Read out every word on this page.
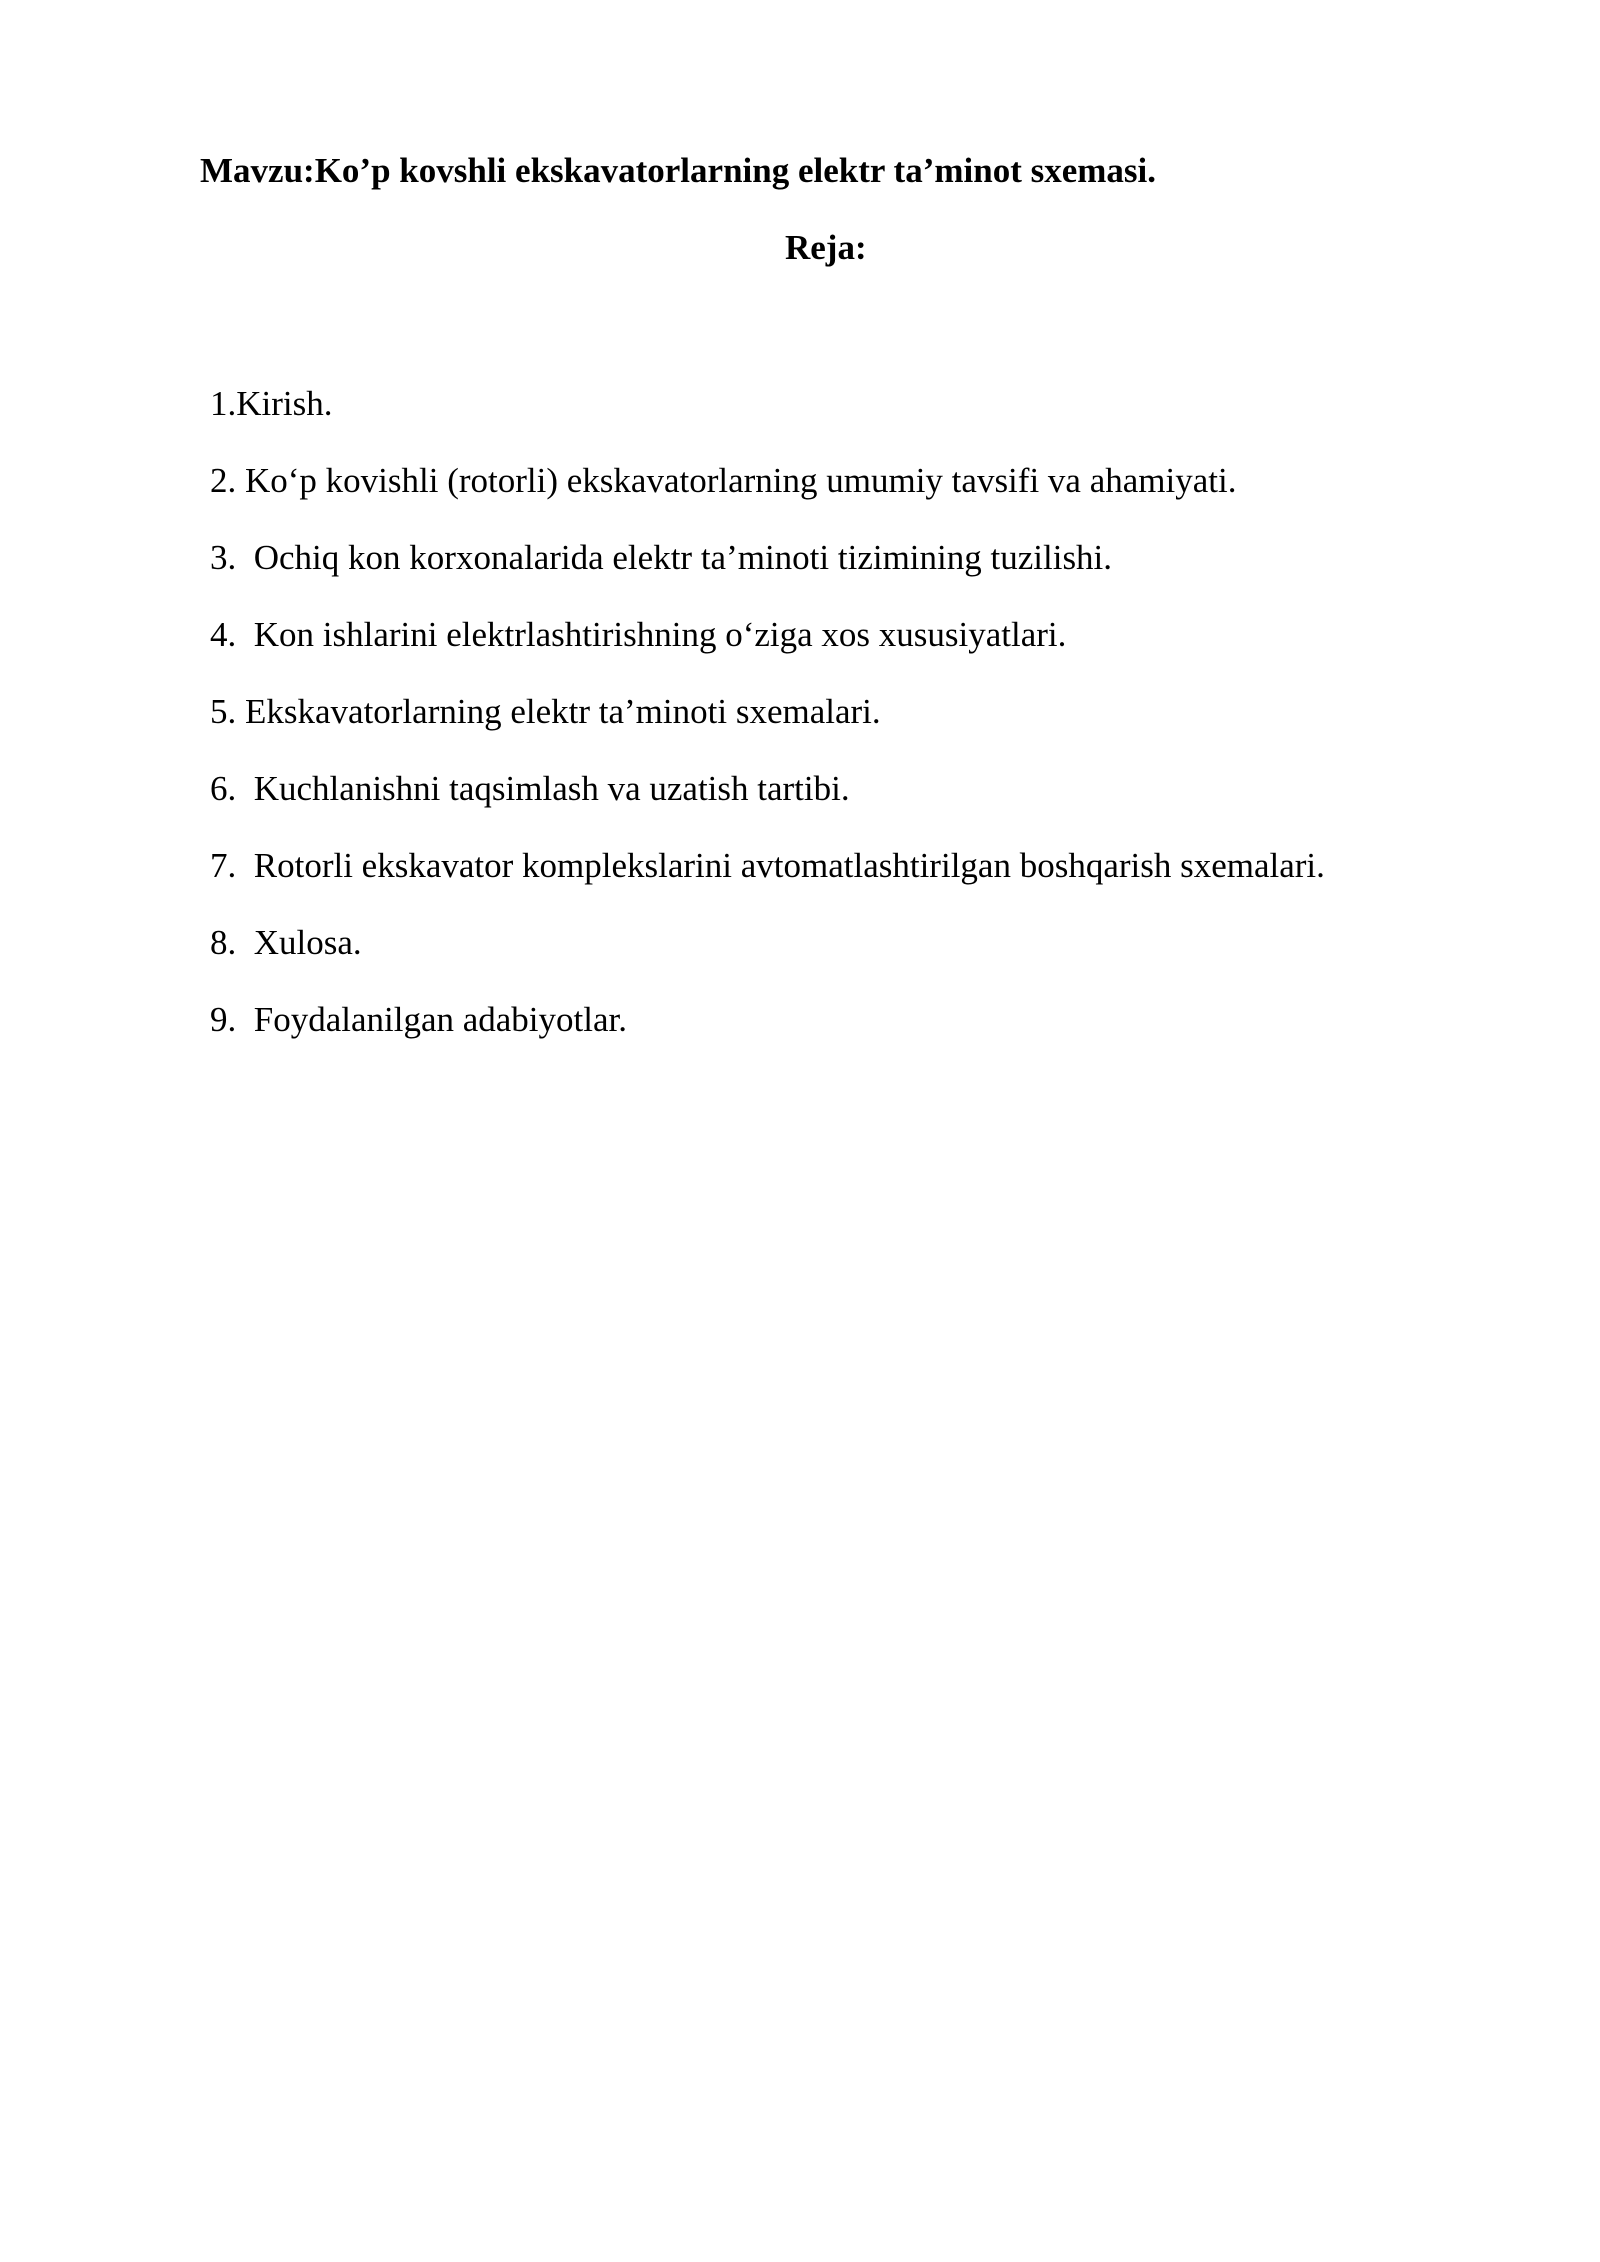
Mavzu:Ko’p kovshli ekskavatorlarning elektr ta’minot sxemasi.
Reja:
1.Kirish.
2. Ko‘p kovishli (rotorli) ekskavatorlarning umumiy tavsifi va ahamiyati.
3.  Ochiq kon korxonalarida elektr ta’minoti tizimining tuzilishi.
4.  Kon ishlarini elektrlashtirishning o‘ziga xos xususiyatlari.
5. Ekskavatorlarning elektr ta’minoti sxemalari.
6.  Kuchlanishni taqsimlash va uzatish tartibi.
7.  Rotorli ekskavator komplekslarini avtomatlashtirilgan boshqarish sxemalari.
8.  Xulosa.
9.  Foydalanilgan adabiyotlar.
